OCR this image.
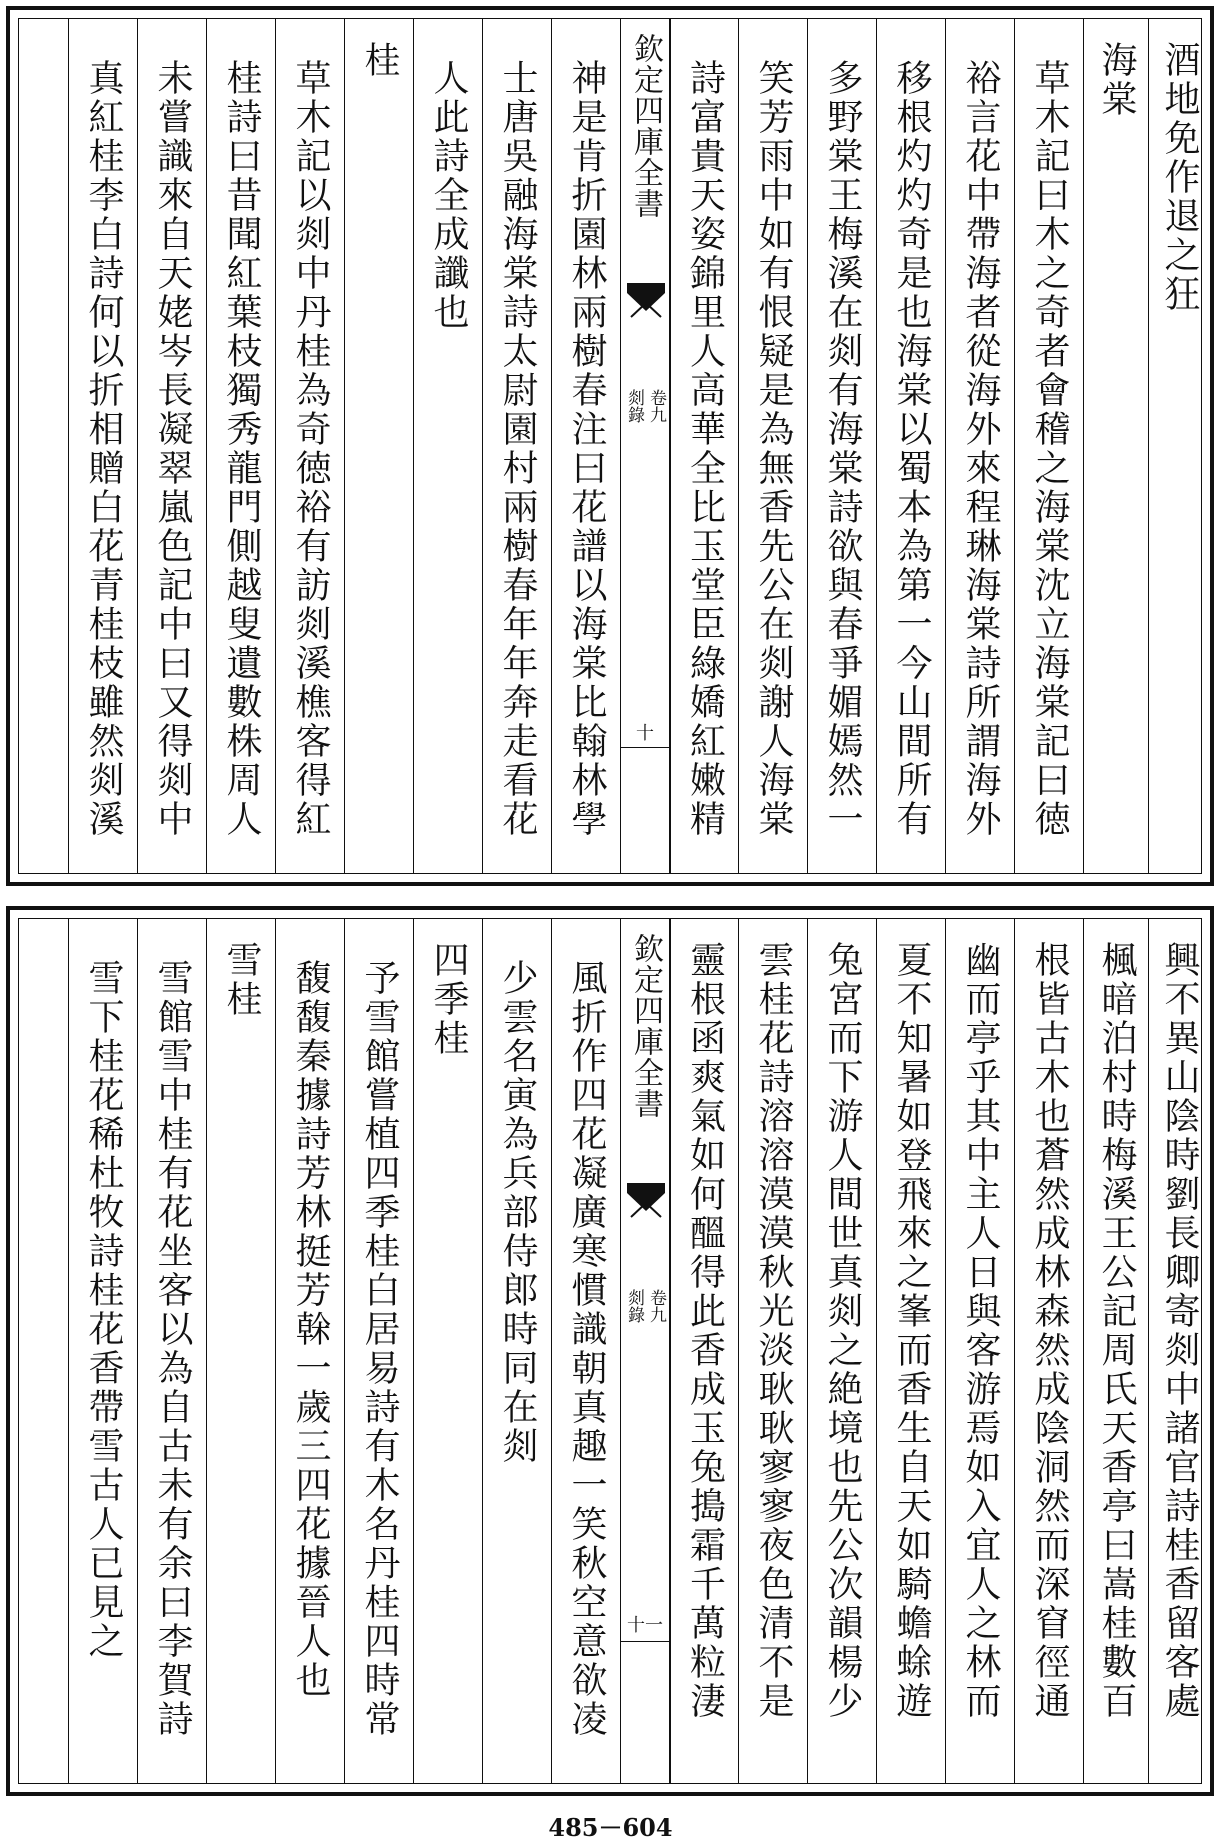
酒地免作退之狂
海棠
草木記曰木之奇者會稽之海棠沈立海棠記曰徳
裕言花中帶海者從海外來程琳海棠詩所謂海外
移根灼灼奇是也海棠以蜀本為第一今山間所有
多野棠王梅溪在剡有海棠詩欲與春爭媚嫣然一
笑芳雨中如有恨疑是為無香先公在剡謝人海棠
詩富貴天姿錦里人高華全比玉堂臣綠嬌紅嫩精
欽定四庫全書
剡錄 卷九
十
神是肯折園林兩樹春注曰花譜以海棠比翰林學
士唐吳融海棠詩太尉園村兩樹春年年奔走看花
人此詩全成讖也
桂
草木記以剡中丹桂為奇徳裕有訪剡溪樵客得紅
桂詩曰昔聞紅葉枝獨秀龍門側越叟遺數株周人
未嘗識來自天姥岑長凝翠嵐色記中曰又得剡中
真紅桂李白詩何以折相贈白花青桂枝雖然剡溪
興不異山陰時劉長卿寄剡中諸官詩桂香留客處
楓暗泊村時梅溪王公記周氏天香亭曰嵩桂數百
根皆古木也蒼然成林森然成陰洞然而深窅徑通
幽而亭乎其中主人日與客游焉如入宜人之林而
夏不知暑如登飛來之峯而香生自天如騎蟾蜍遊
兔宮而下游人間世真剡之絶境也先公次韻楊少
雲桂花詩溶溶漠漠秋光淡耿耿寥寥夜色清不是
靈根函爽氣如何醞得此香成玉兔搗霜千萬粒淒
欽定四庫全書
剡錄 卷九
十一
風折作四花凝廣寒慣識朝真趣一笑秋空意欲凌
少雲名寅為兵部侍郎時同在剡
四季桂
予雪館嘗植四季桂白居易詩有木名丹桂四時常
馥馥秦據詩芳林挺芳榦一歲三四花據晉人也
雪桂
雪館雪中桂有花坐客以為自古未有余曰李賀詩
雪下桂花稀杜牧詩桂花香帶雪古人已見之
485－604
